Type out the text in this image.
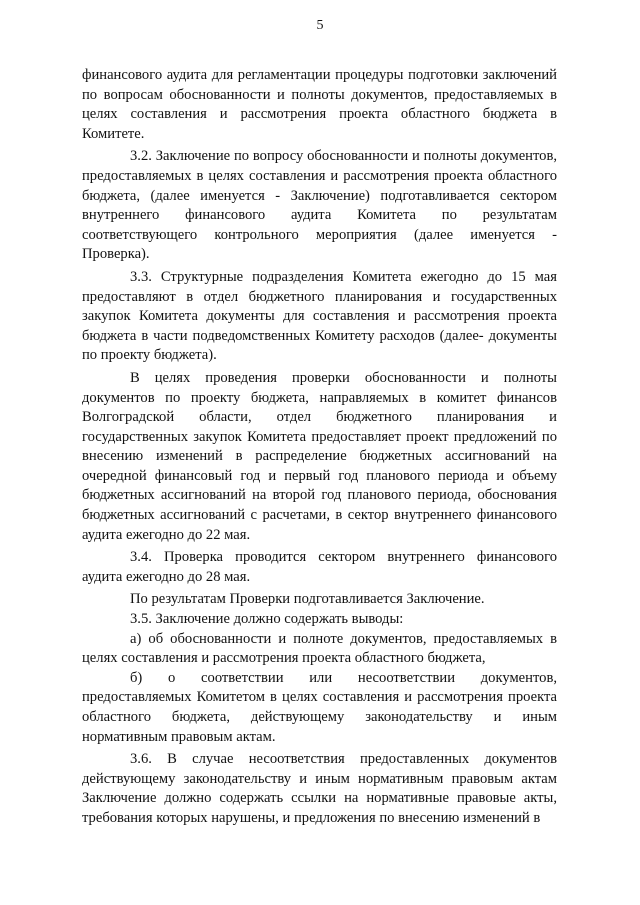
5

финансового аудита для регламентации процедуры подготовки заключений по вопросам обоснованности и полноты документов, предоставляемых в целях составления и рассмотрения проекта областного бюджета в Комитете.

3.2. Заключение по вопросу обоснованности и полноты документов, предоставляемых в целях составления и рассмотрения проекта областного бюджета, (далее именуется - Заключение) подготавливается сектором внутреннего финансового аудита Комитета по результатам соответствующего контрольного мероприятия (далее именуется - Проверка).

3.3. Структурные подразделения Комитета ежегодно до 15 мая предоставляют в отдел бюджетного планирования и государственных закупок Комитета документы для составления и рассмотрения проекта бюджета в части подведомственных Комитету расходов (далее- документы по проекту бюджета).

В целях проведения проверки обоснованности и полноты документов по проекту бюджета, направляемых в комитет финансов Волгоградской области, отдел бюджетного планирования и государственных закупок Комитета предоставляет проект предложений по внесению изменений в распределение бюджетных ассигнований на очередной финансовый год и первый год планового периода и объему бюджетных ассигнований на второй год планового периода, обоснования бюджетных ассигнований с расчетами, в сектор внутреннего финансового аудита ежегодно до 22 мая.

3.4. Проверка проводится сектором внутреннего финансового аудита ежегодно до 28 мая.

По результатам Проверки подготавливается Заключение.

3.5. Заключение должно содержать выводы:

а) об обоснованности и полноте документов, предоставляемых в целях составления и рассмотрения проекта областного бюджета,

б) о соответствии или несоответствии документов, предоставляемых Комитетом в целях составления и рассмотрения проекта областного бюджета, действующему законодательству и иным нормативным правовым актам.

3.6. В случае несоответствия предоставленных документов действующему законодательству и иным нормативным правовым актам Заключение должно содержать ссылки на нормативные правовые акты, требования которых нарушены, и предложения по внесению изменений в
